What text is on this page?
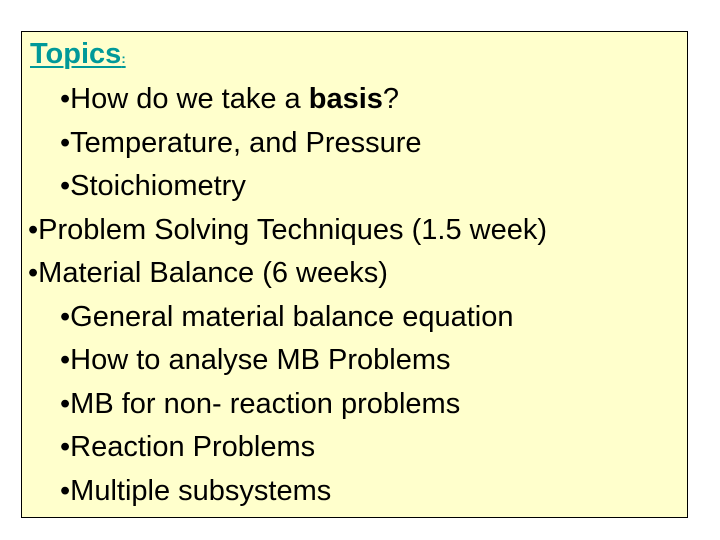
Topics:
•How do we take a basis?
•Temperature, and Pressure
•Stoichiometry
•Problem Solving Techniques (1.5 week)
•Material Balance (6 weeks)
•General material balance equation
•How to analyse MB Problems
•MB for non- reaction problems
•Reaction Problems
•Multiple subsystems
